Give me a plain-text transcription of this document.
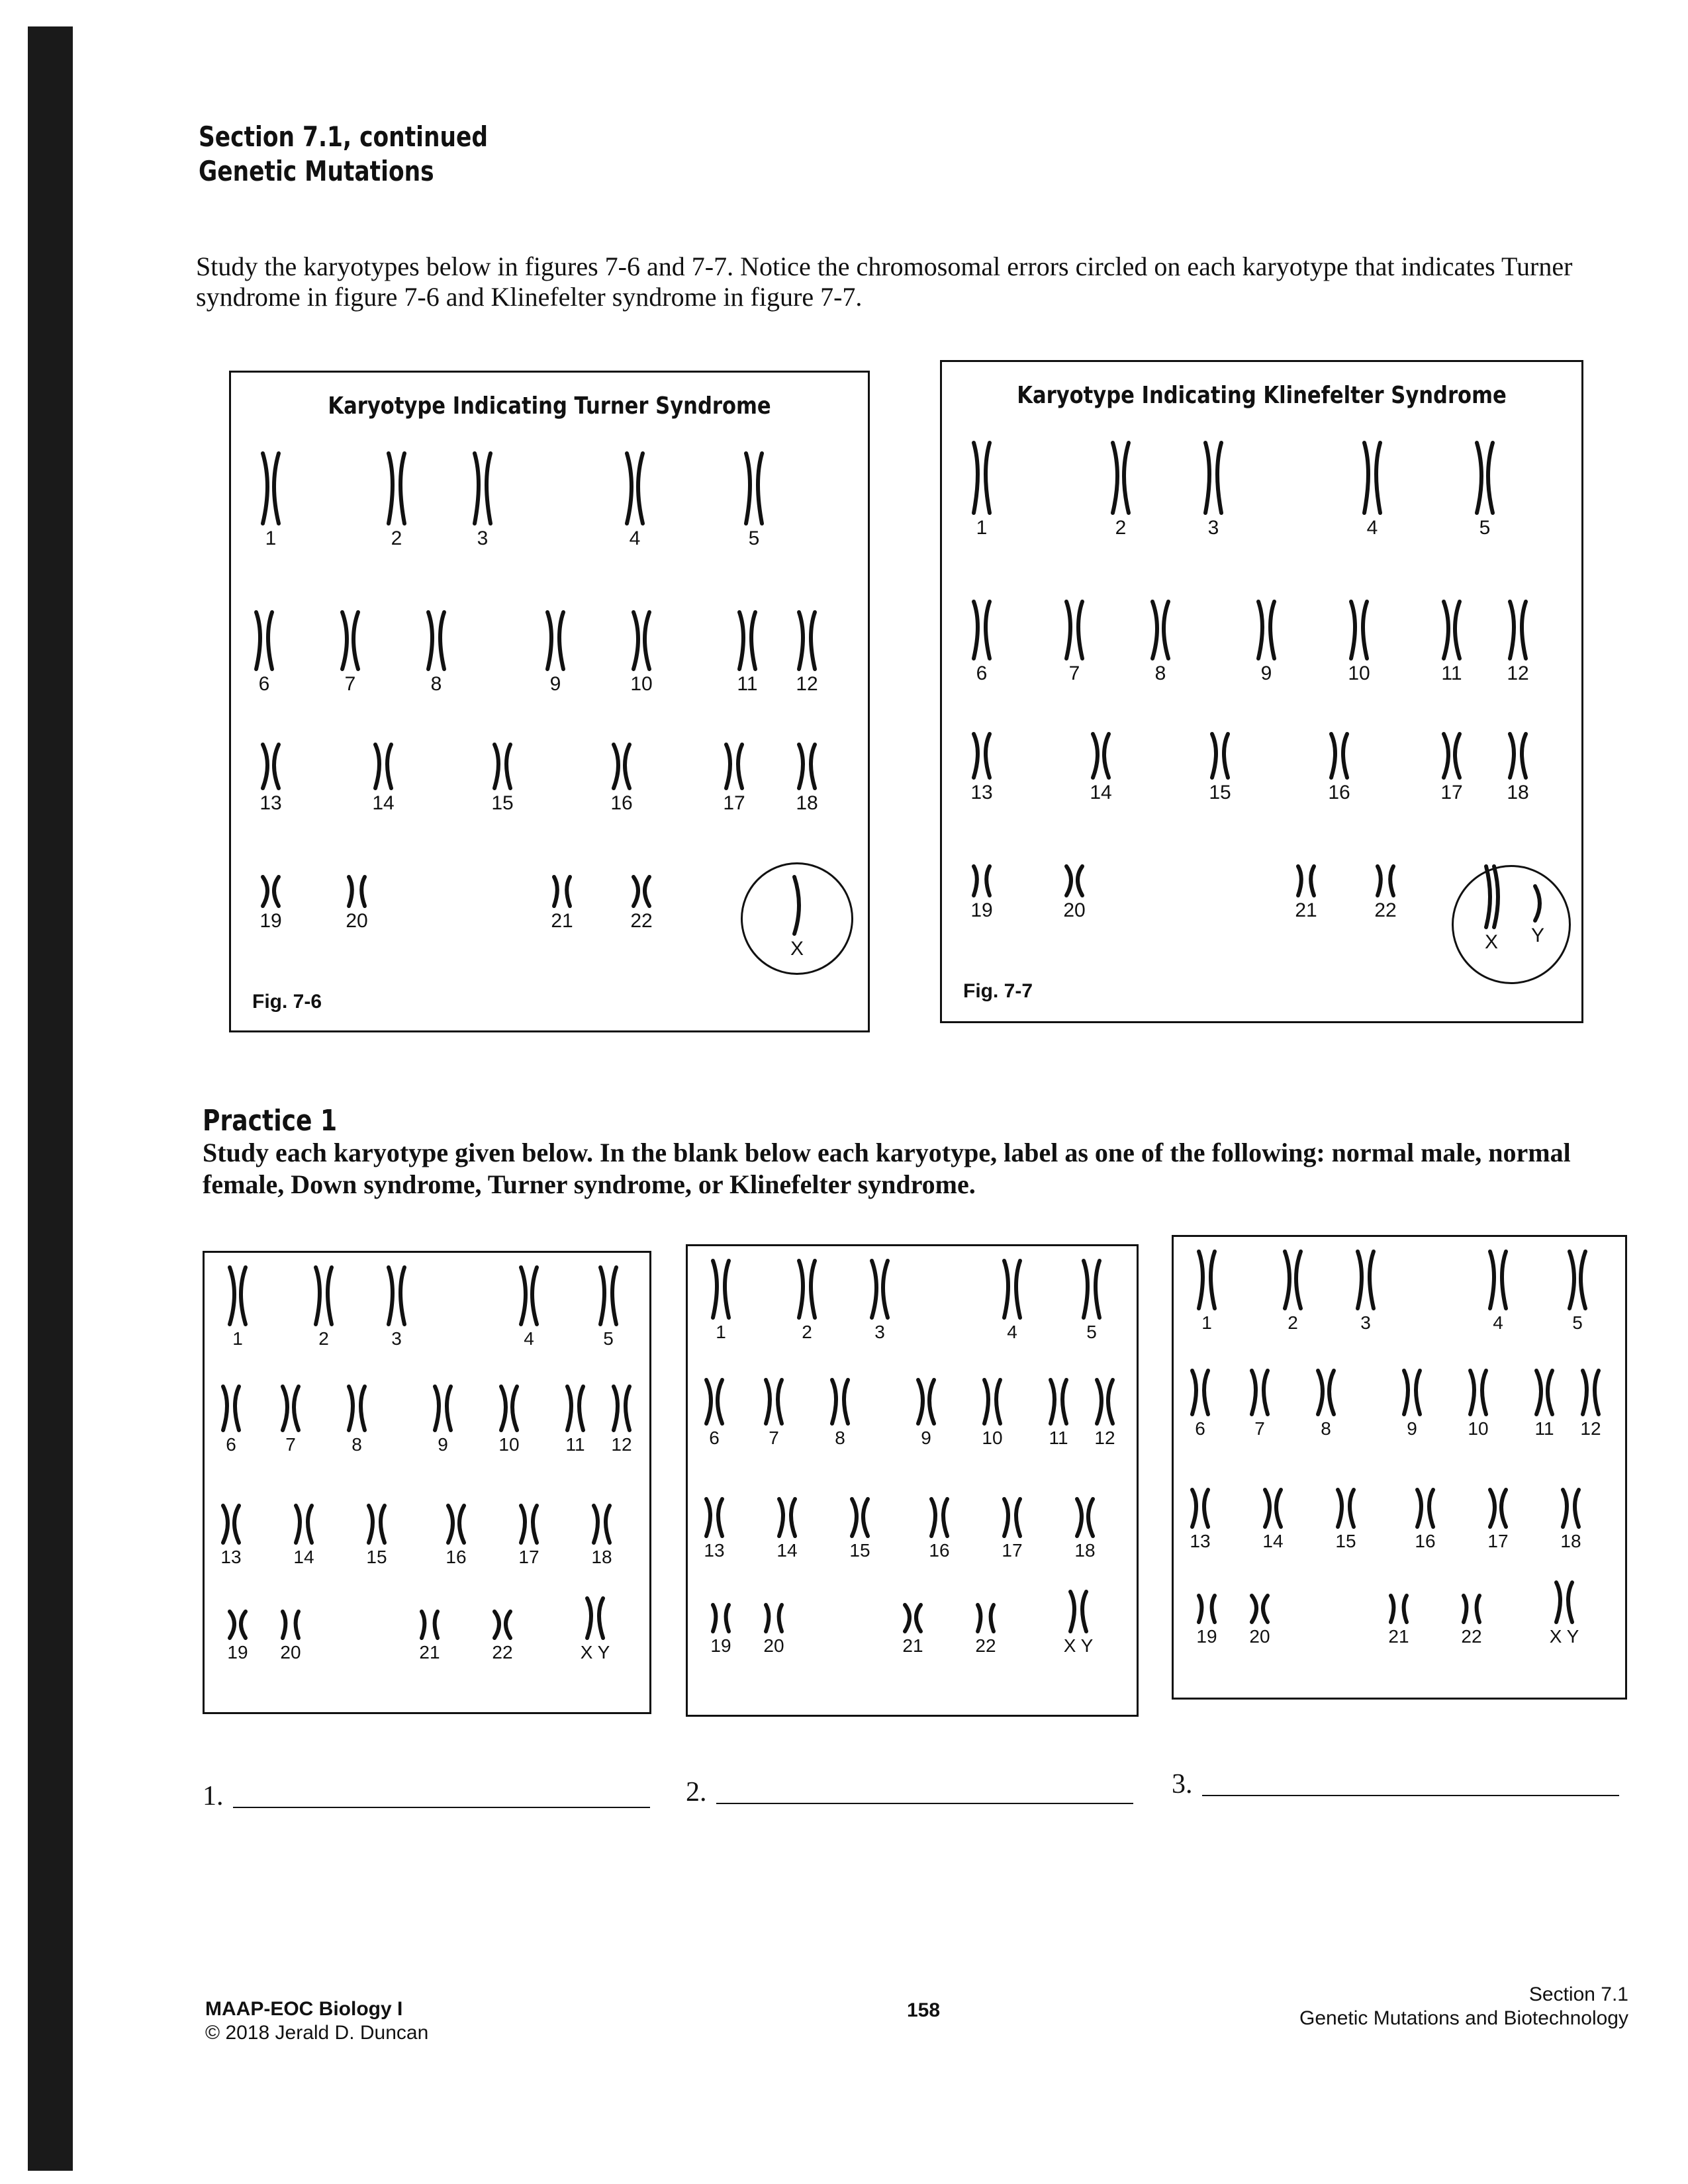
Section 7.1, continued
Genetic Mutations
Study the karyotypes below in figures 7-6 and 7-7. Notice the chromosomal errors circled on each karyotype that indicates Turner syndrome in figure 7-6 and Klinefelter syndrome in figure 7-7.
Karyotype Indicating Turner Syndrome
Fig. 7-6
1	2	3	4	5
6	7	8	9	10	11	12
13	14	15	16	17	18
19	20	21	22
X
Karyotype Indicating Klinefelter Syndrome
Fig. 7-7
1	2	3	4	5
6	7	8	9	10	11	12
13	14	15	16	17	18
19	20	21	22
X	Y
Practice 1
Study each karyotype given below. In the blank below each karyotype, label as one of the following: normal male, normal female, Down syndrome, Turner syndrome, or Klinefelter syndrome.
1	2	3	4	5
6	7	8	9	10	11	12
13	14	15	16	17	18
19	20	21	22	X Y
1	2	3	4	5
6	7	8	9	10	11	12
13	14	15	16	17	18
19	20	21	22	X Y
1	2	3	4	5
6	7	8	9	10	11	12
13	14	15	16	17	18
19	20	21	22	X Y
1.	2.	3.
MAAP-EOC Biology I
© 2018 Jerald D. Duncan
158
Section 7.1
Genetic Mutations and Biotechnology
